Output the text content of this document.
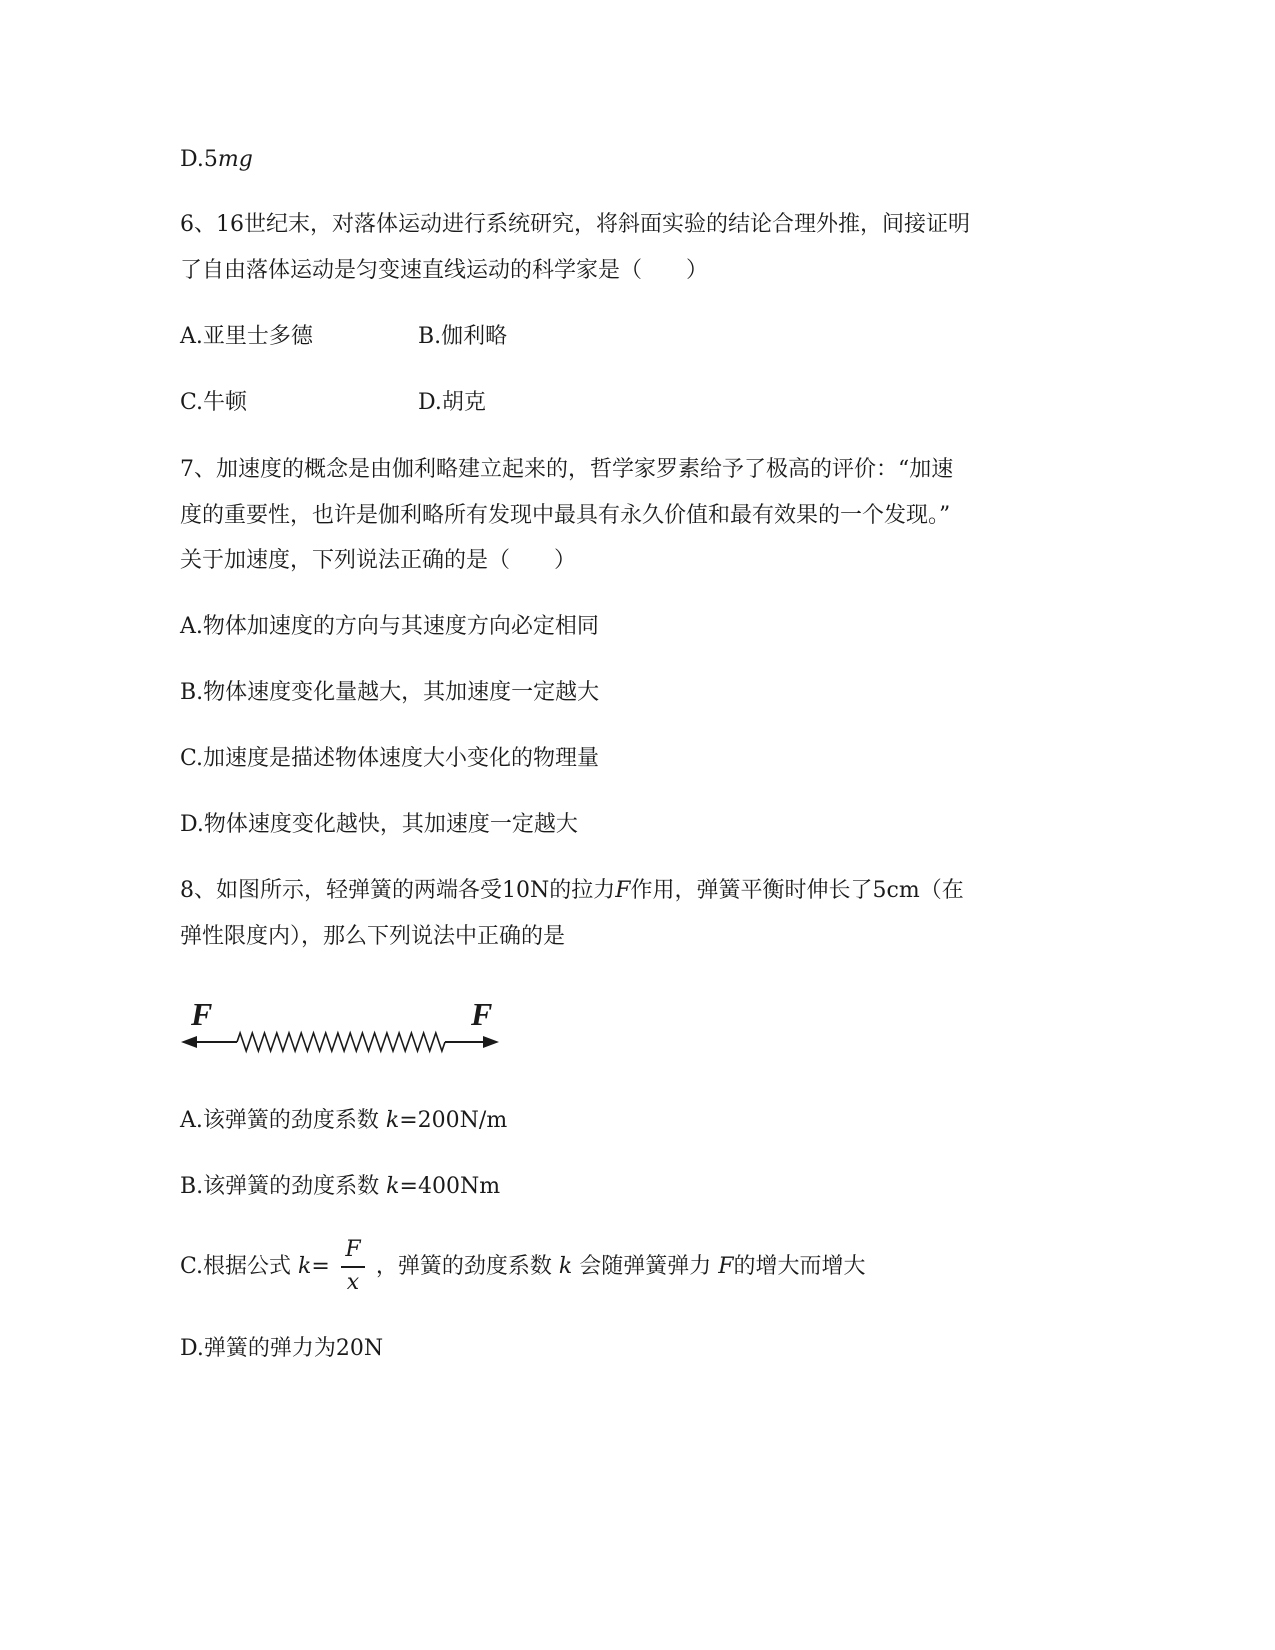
D.5mg
6、16世纪末，对落体运动进行系统研究，将斜面实验的结论合理外推，间接证明
了自由落体运动是匀变速直线运动的科学家是（　　）
A.亚里士多德	B.伽利略
C.牛顿	D.胡克
7、加速度的概念是由伽利略建立起来的，哲学家罗素给予了极高的评价：“加速
度的重要性，也许是伽利略所有发现中最具有永久价值和最有效果的一个发现。”
关于加速度，下列说法正确的是（　　）
A.物体加速度的方向与其速度方向必定相同
B.物体速度变化量越大，其加速度一定越大
C.加速度是描述物体速度大小变化的物理量
D.物体速度变化越快，其加速度一定越大
8、如图所示，轻弹簧的两端各受10N的拉力F作用，弹簧平衡时伸长了5cm（在
弹性限度内），那么下列说法中正确的是
F	F
A.该弹簧的劲度系数 k=200N/m
B.该弹簧的劲度系数 k=400Nm
C.根据公式 k= ，弹簧的劲度系数 k 会随弹簧弹力 F的增大而增大
F
x
D.弹簧的弹力为20N
